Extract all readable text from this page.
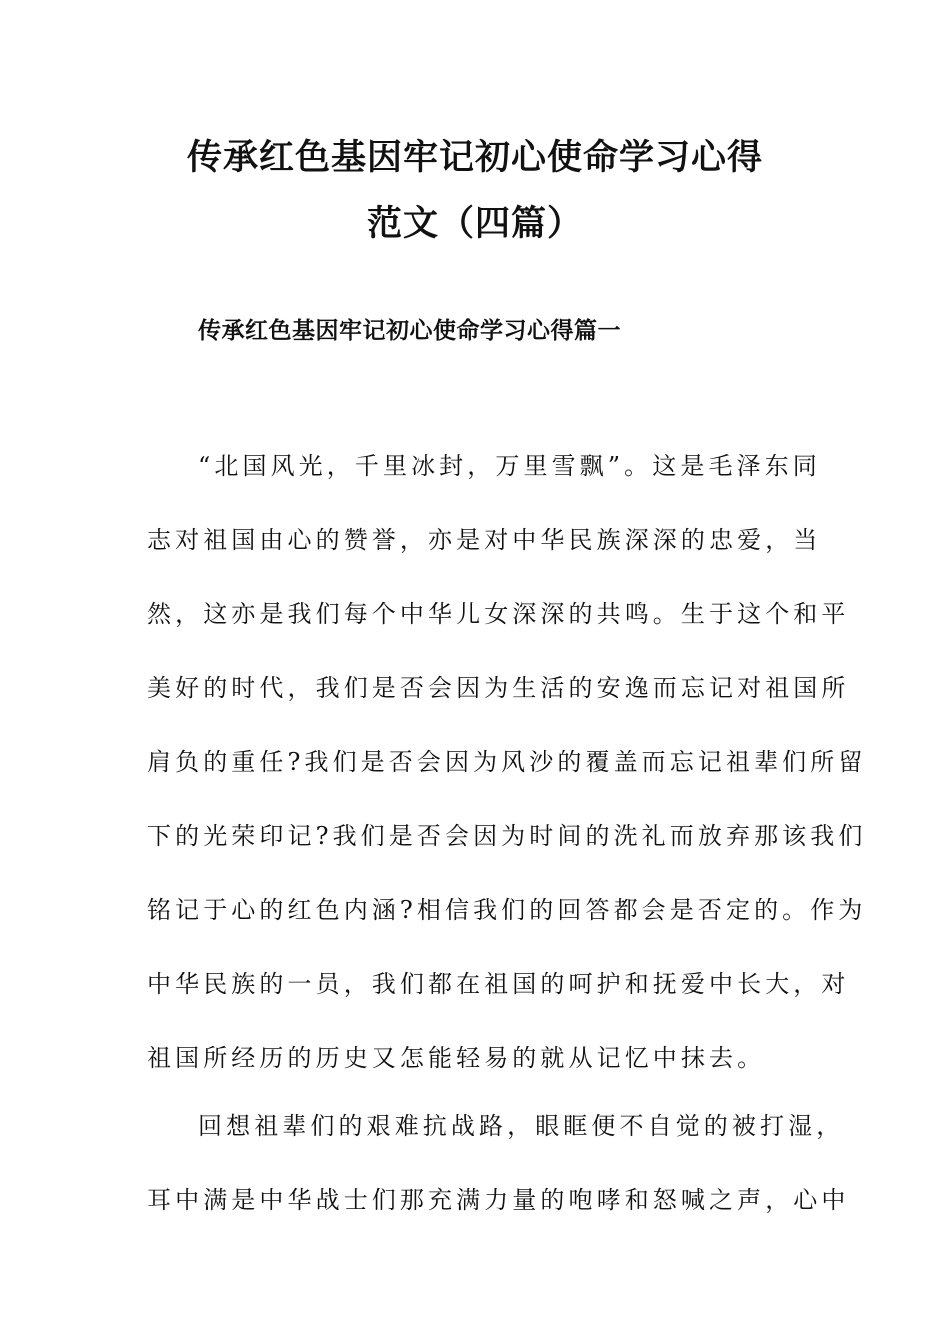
传承红色基因牢记初心使命学习心得
范文（四篇）
传承红色基因牢记初心使命学习心得篇一
“北国风光，千里冰封，万里雪飘”。这是毛泽东同
志对祖国由心的赞誉，亦是对中华民族深深的忠爱，当
然，这亦是我们每个中华儿女深深的共鸣。生于这个和平
美好的时代，我们是否会因为生活的安逸而忘记对祖国所
肩负的重任?我们是否会因为风沙的覆盖而忘记祖辈们所留
下的光荣印记?我们是否会因为时间的洗礼而放弃那该我们
铭记于心的红色内涵?相信我们的回答都会是否定的。作为
中华民族的一员，我们都在祖国的呵护和抚爱中长大，对
祖国所经历的历史又怎能轻易的就从记忆中抹去。
回想祖辈们的艰难抗战路，眼眶便不自觉的被打湿，
耳中满是中华战士们那充满力量的咆哮和怒喊之声，心中
